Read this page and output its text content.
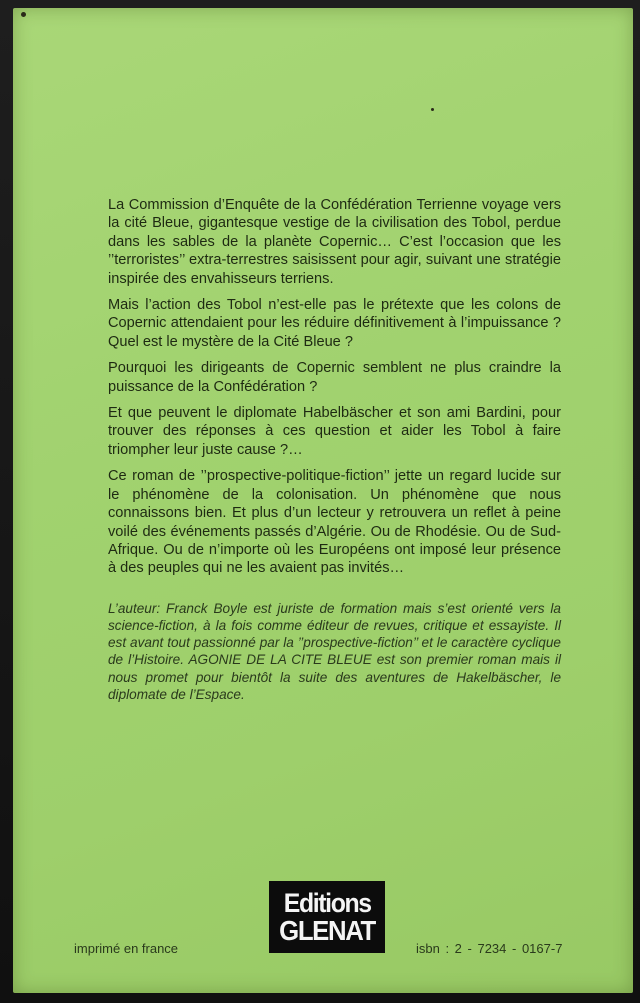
La Commission d’Enquête de la Confédération Terrienne voyage vers la cité Bleue, gigantesque vestige de la civilisation des Tobol, perdue dans les sables de la planète Copernic… C’est l’occasion que les ’’terroristes’’ extra-terrestres saisissent pour agir, suivant une stratégie inspirée des envahisseurs terriens.

Mais l’action des Tobol n’est-elle pas le prétexte que les colons de Copernic attendaient pour les réduire définitivement à l’impuissance ? Quel est le mystère de la Cité Bleue ?

Pourquoi les dirigeants de Copernic semblent ne plus craindre la puissance de la Confédération ?

Et que peuvent le diplomate Habelbäscher et son ami Bardini, pour trouver des réponses à ces question et aider les Tobol à faire triompher leur juste cause ?…

Ce roman de ’’prospective-politique-fiction’’ jette un regard lucide sur le phénomène de la colonisation. Un phénomène que nous connaissons bien. Et plus d’un lecteur y retrouvera un reflet à peine voilé des événements passés d’Algérie. Ou de Rhodésie. Ou de Sud-Afrique. Ou de n’importe où les Européens ont imposé leur présence à des peuples qui ne les avaient pas invités…

L’auteur: Franck Boyle est juriste de formation mais s’est orienté vers la science-fiction, à la fois comme éditeur de revues, critique et essayiste. Il est avant tout passionné par la ’’prospective-fiction’’ et le caractère cyclique de l’Histoire. AGONIE DE LA CITE BLEUE est son premier roman mais il nous promet pour bientôt la suite des aventures de Hakelbäscher, le diplomate de l’Espace.

Editions
GLENAT
imprimé en france	isbn : 2 - 7234 - 0167-7
